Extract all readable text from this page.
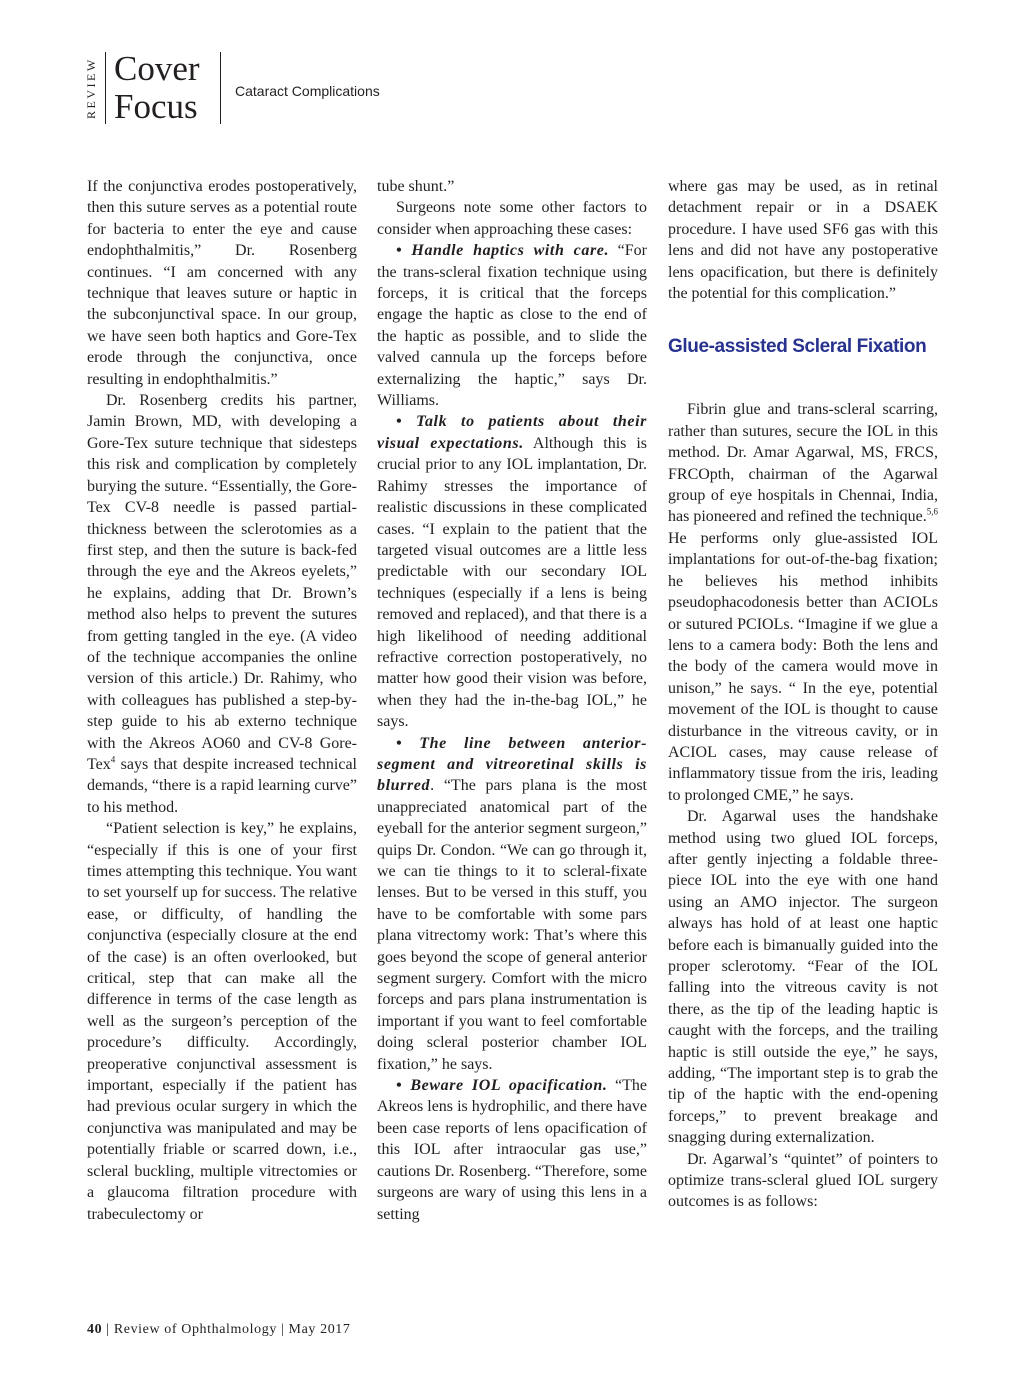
REVIEW Cover
Focus	Cataract Complications

If the conjunctiva erodes postoperatively, then this suture serves as a potential route for bacteria to enter the eye and cause endophthalmitis,” Dr. Rosenberg continues. “I am concerned with any technique that leaves suture or haptic in the subconjunctival space. In our group, we have seen both haptics and Gore-Tex erode through the conjunctiva, once resulting in endophthalmitis.”

Dr. Rosenberg credits his partner, Jamin Brown, MD, with developing a Gore-Tex suture technique that sidesteps this risk and complication by completely burying the suture. “Essentially, the Gore-Tex CV-8 needle is passed partial-thickness between the sclerotomies as a first step, and then the suture is back-fed through the eye and the Akreos eyelets,” he explains, adding that Dr. Brown’s method also helps to prevent the sutures from getting tangled in the eye. (A video of the technique accompanies the online version of this article.) Dr. Rahimy, who with colleagues has published a step-by-step guide to his ab externo technique with the Akreos AO60 and CV-8 Gore-Tex$^4$ says that despite increased technical demands, “there is a rapid learning curve” to his method.

“Patient selection is key,” he explains, “especially if this is one of your first times attempting this technique. You want to set yourself up for success. The relative ease, or difficulty, of handling the conjunctiva (especially closure at the end of the case) is an often overlooked, but critical, step that can make all the difference in terms of the case length as well as the surgeon’s perception of the procedure’s difficulty. Accordingly, preoperative conjunctival assessment is important, especially if the patient has had previous ocular surgery in which the conjunctiva was manipulated and may be potentially friable or scarred down, i.e., scleral buckling, multiple vitrectomies or a glaucoma filtration procedure with trabeculectomy or

tube shunt.”

Surgeons note some other factors to consider when approaching these cases:

• Handle haptics with care. “For the trans-scleral fixation technique using forceps, it is critical that the forceps engage the haptic as close to the end of the haptic as possible, and to slide the valved cannula up the forceps before externalizing the haptic,” says Dr. Williams.

• Talk to patients about their visual expectations. Although this is crucial prior to any IOL implantation, Dr. Rahimy stresses the importance of realistic discussions in these complicated cases. “I explain to the patient that the targeted visual outcomes are a little less predictable with our secondary IOL techniques (especially if a lens is being removed and replaced), and that there is a high likelihood of needing additional refractive correction postoperatively, no matter how good their vision was before, when they had the in-the-bag IOL,” he says.

• The line between anterior-segment and vitreoretinal skills is blurred. “The pars plana is the most unappreciated anatomical part of the eyeball for the anterior segment surgeon,” quips Dr. Condon. “We can go through it, we can tie things to it to scleral-fixate lenses. But to be versed in this stuff, you have to be comfortable with some pars plana vitrectomy work: That’s where this goes beyond the scope of general anterior segment surgery. Comfort with the micro forceps and pars plana instrumentation is important if you want to feel comfortable doing scleral posterior chamber IOL fixation,” he says.

• Beware IOL opacification. “The Akreos lens is hydrophilic, and there have been case reports of lens opacification of this IOL after intraocular gas use,” cautions Dr. Rosenberg. “Therefore, some surgeons are wary of using this lens in a setting

where gas may be used, as in retinal detachment repair or in a DSAEK procedure. I have used SF6 gas with this lens and did not have any postoperative lens opacification, but there is definitely the potential for this complication.”

Glue-assisted Scleral Fixation

Fibrin glue and trans-scleral scarring, rather than sutures, secure the IOL in this method. Dr. Amar Agarwal, MS, FRCS, FRCOpth, chairman of the Agarwal group of eye hospitals in Chennai, India, has pioneered and refined the technique.$^{5,6}$ He performs only glue-assisted IOL implantations for out-of-the-bag fixation; he believes his method inhibits pseudophacodonesis better than ACIOLs or sutured PCIOLs. “Imagine if we glue a lens to a camera body: Both the lens and the body of the camera would move in unison,” he says. “ In the eye, potential movement of the IOL is thought to cause disturbance in the vitreous cavity, or in ACIOL cases, may cause release of inflammatory tissue from the iris, leading to prolonged CME,” he says.

Dr. Agarwal uses the handshake method using two glued IOL forceps, after gently injecting a foldable three-piece IOL into the eye with one hand using an AMO injector. The surgeon always has hold of at least one haptic before each is bimanually guided into the proper sclerotomy. “Fear of the IOL falling into the vitreous cavity is not there, as the tip of the leading haptic is caught with the forceps, and the trailing haptic is still outside the eye,” he says, adding, “The important step is to grab the tip of the haptic with the end-opening forceps,” to prevent breakage and snagging during externalization.

Dr. Agarwal’s “quintet” of pointers to optimize trans-scleral glued IOL surgery outcomes is as follows:

40 | Review of Ophthalmology | May 2017
